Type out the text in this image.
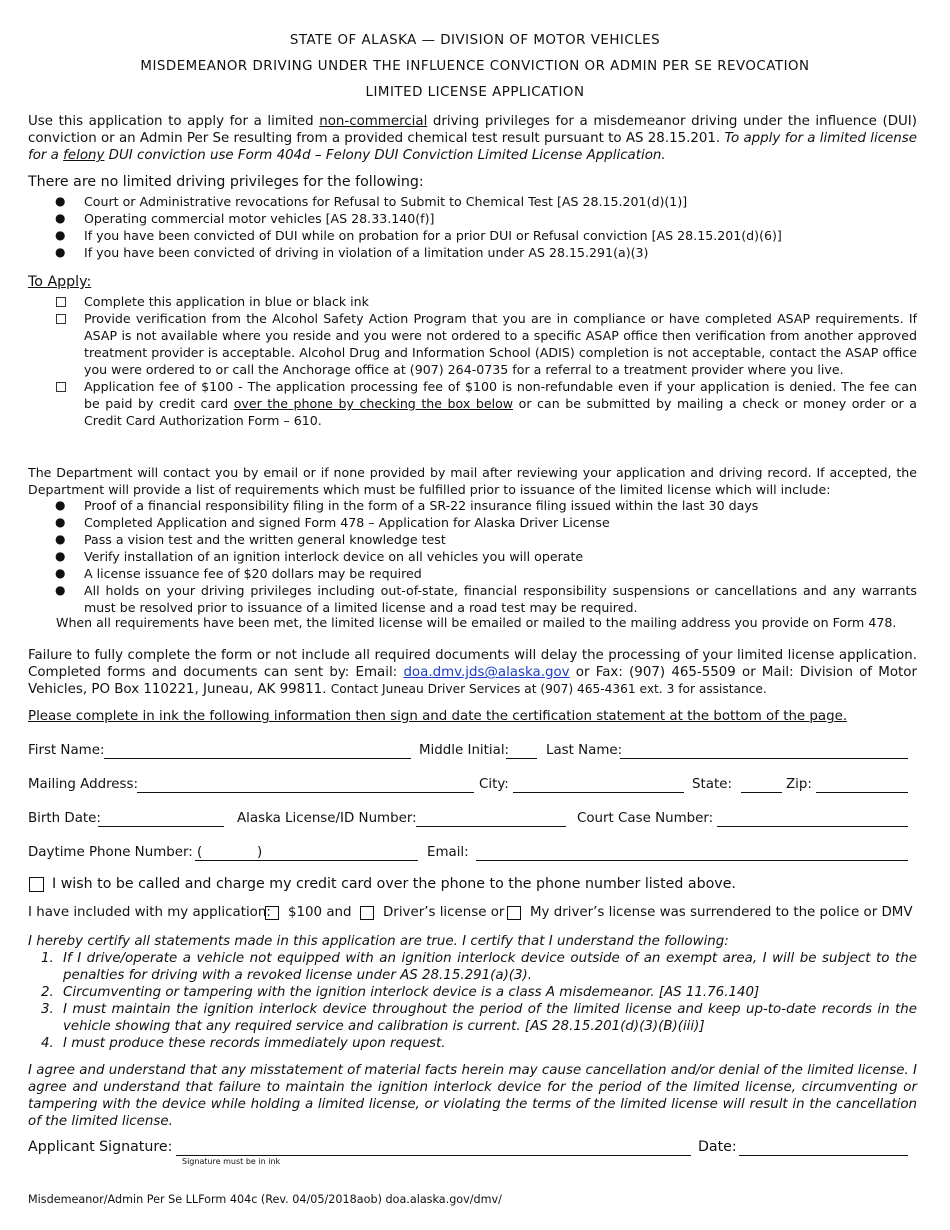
STATE OF ALASKA — DIVISION OF MOTOR VEHICLES
MISDEMEANOR DRIVING UNDER THE INFLUENCE CONVICTION OR ADMIN PER SE REVOCATION
LIMITED LICENSE APPLICATION
Use this application to apply for a limited non-commercial driving privileges for a misdemeanor driving under the influence (DUI) conviction or an Admin Per Se resulting from a provided chemical test result pursuant to AS 28.15.201. To apply for a limited license for a felony DUI conviction use Form 404d – Felony DUI Conviction Limited License Application.
There are no limited driving privileges for the following:
● Court or Administrative revocations for Refusal to Submit to Chemical Test [AS 28.15.201(d)(1)]
● Operating commercial motor vehicles [AS 28.33.140(f)]
● If you have been convicted of DUI while on probation for a prior DUI or Refusal conviction [AS 28.15.201(d)(6)]
● If you have been convicted of driving in violation of a limitation under AS 28.15.291(a)(3)
To Apply:
Complete this application in blue or black ink
Provide verification from the Alcohol Safety Action Program that you are in compliance or have completed ASAP requirements. If ASAP is not available where you reside and you were not ordered to a specific ASAP office then verification from another approved treatment provider is acceptable. Alcohol Drug and Information School (ADIS) completion is not acceptable, contact the ASAP office you were ordered to or call the Anchorage office at (907) 264-0735 for a referral to a treatment provider where you live.
Application fee of $100 - The application processing fee of $100 is non-refundable even if your application is denied. The fee can be paid by credit card over the phone by checking the box below or can be submitted by mailing a check or money order or a Credit Card Authorization Form – 610.
The Department will contact you by email or if none provided by mail after reviewing your application and driving record. If accepted, the Department will provide a list of requirements which must be fulfilled prior to issuance of the limited license which will include:
● Proof of a financial responsibility filing in the form of a SR-22 insurance filing issued within the last 30 days
● Completed Application and signed Form 478 – Application for Alaska Driver License
● Pass a vision test and the written general knowledge test
● Verify installation of an ignition interlock device on all vehicles you will operate
● A license issuance fee of $20 dollars may be required
● All holds on your driving privileges including out-of-state, financial responsibility suspensions or cancellations and any warrants must be resolved prior to issuance of a limited license and a road test may be required.
When all requirements have been met, the limited license will be emailed or mailed to the mailing address you provide on Form 478.
Failure to fully complete the form or not include all required documents will delay the processing of your limited license application. Completed forms and documents can sent by: Email: doa.dmv.jds@alaska.gov or Fax: (907) 465-5509 or Mail: Division of Motor Vehicles, PO Box 110221, Juneau, AK 99811. Contact Juneau Driver Services at (907) 465-4361 ext. 3 for assistance.
Please complete in ink the following information then sign and date the certification statement at the bottom of the page.
First Name:	Middle Initial:	Last Name:
Mailing Address:	City:	State:	Zip:
Birth Date:	Alaska License/ID Number:	Court Case Number:
Daytime Phone Number: (	)	Email:
I wish to be called and charge my credit card over the phone to the phone number listed above.
I have included with my application: $100 and Driver’s license or My driver’s license was surrendered to the police or DMV
I hereby certify all statements made in this application are true. I certify that I understand the following:
1. If I drive/operate a vehicle not equipped with an ignition interlock device outside of an exempt area, I will be subject to the penalties for driving with a revoked license under AS 28.15.291(a)(3).
2. Circumventing or tampering with the ignition interlock device is a class A misdemeanor. [AS 11.76.140]
3. I must maintain the ignition interlock device throughout the period of the limited license and keep up-to-date records in the vehicle showing that any required service and calibration is current. [AS 28.15.201(d)(3)(B)(iii)]
4. I must produce these records immediately upon request.
I agree and understand that any misstatement of material facts herein may cause cancellation and/or denial of the limited license. I agree and understand that failure to maintain the ignition interlock device for the period of the limited license, circumventing or tampering with the device while holding a limited license, or violating the terms of the limited license will result in the cancellation of the limited license.
Applicant Signature:
Signature must be in ink
Date:
Misdemeanor/Admin Per Se LLForm 404c (Rev. 04/05/2018aob) doa.alaska.gov/dmv/
